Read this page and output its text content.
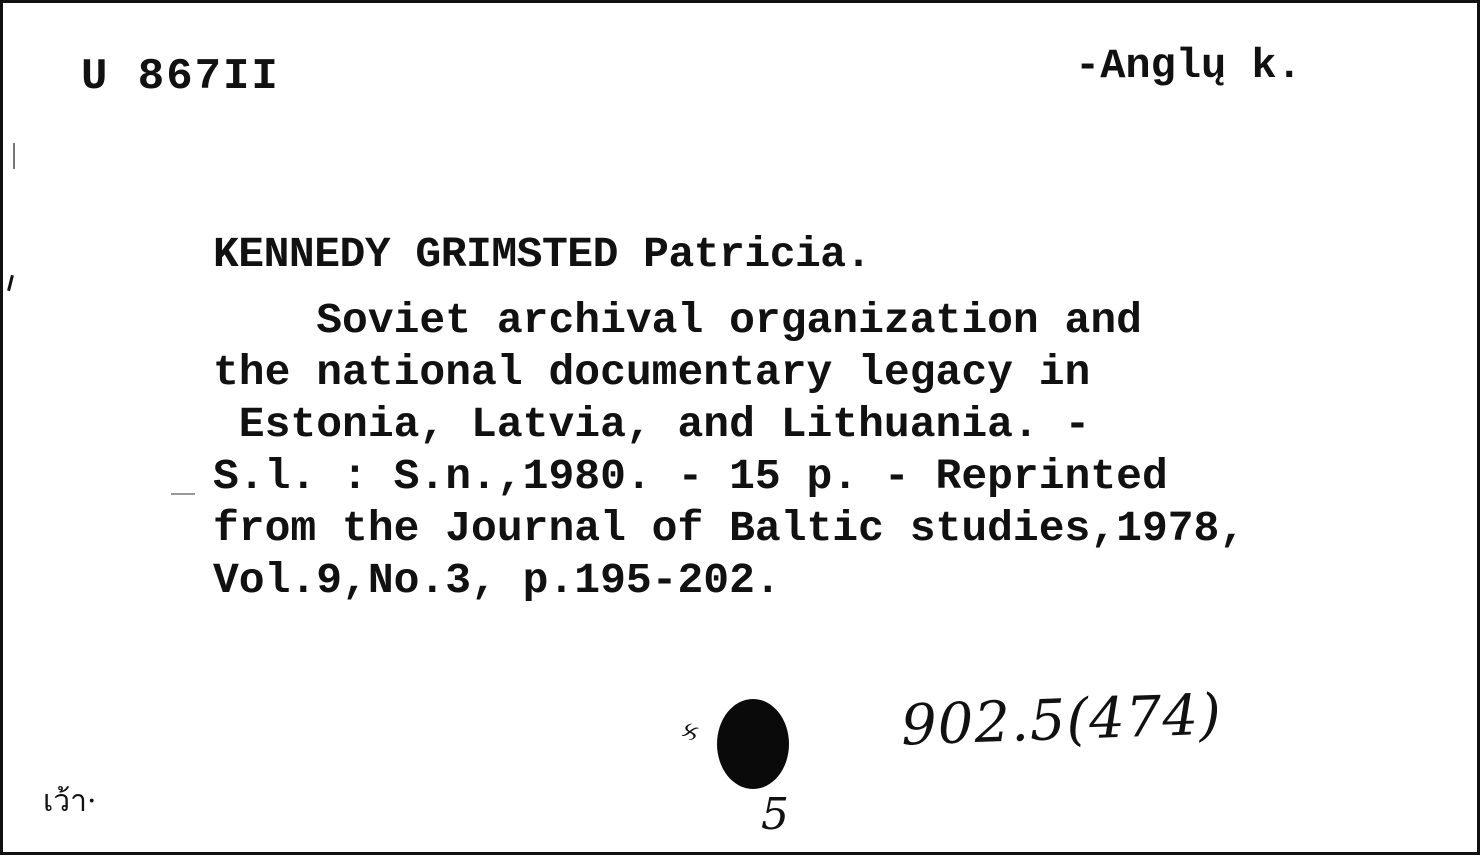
U 867II	-Anglų k.
KENNEDY GRIMSTED Patricia.
Soviet archival organization and
the national documentary legacy in
Estonia, Latvia, and Lithuania. -
S.l. : S.n.,1980. - 15 p. - Reprinted
from the Journal of Baltic studies,1978,
Vol.9,No.3, p.195-202.
ક	902.5(474)
5
เว้า·
